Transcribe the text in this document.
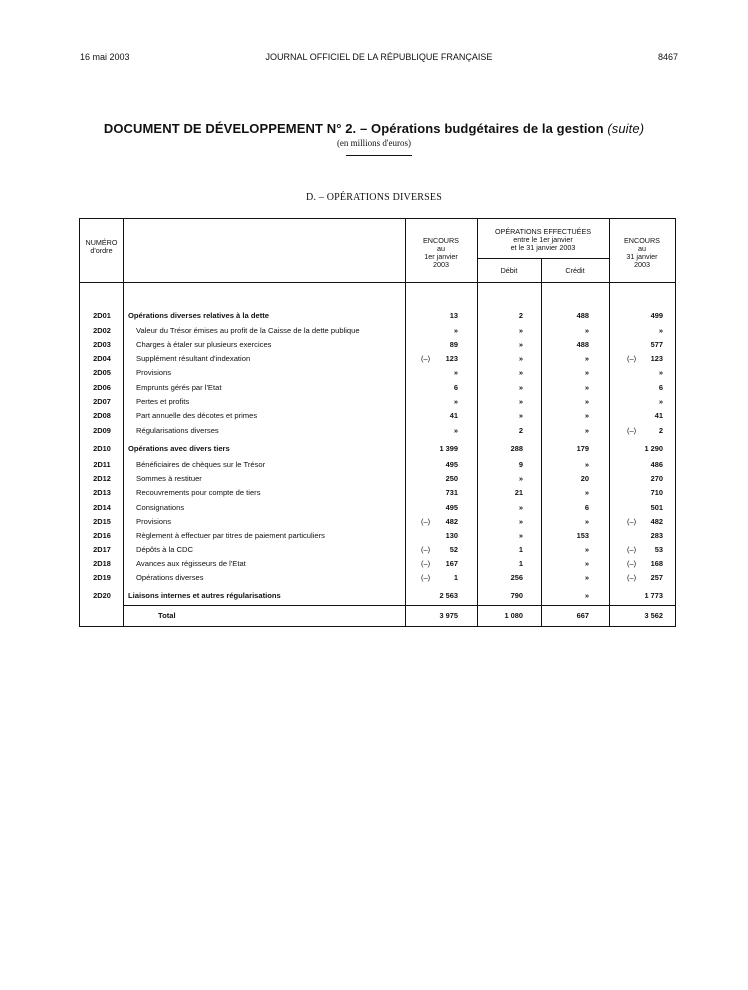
16 mai 2003	JOURNAL OFFICIEL DE LA RÉPUBLIQUE FRANÇAISE	8467
DOCUMENT DE DÉVELOPPEMENT N° 2. – Opérations budgétaires de la gestion (suite)
(en millions d'euros)
D. – OPÉRATIONS DIVERSES
NUMÉRO
d'ordre
ENCOURS
au
1er janvier
2003
OPÉRATIONS EFFECTUÉES
entre le 1er janvier
et le 31 janvier 2003
Débit	Crédit
ENCOURS
au
31 janvier
2003
2D01	Opérations diverses relatives à la dette	13	2	488	499
2D02	Valeur du Trésor émises au profit de la Caisse de la dette publique	»	»	»	»
2D03	Charges à étaler sur plusieurs exercices	89	»	488	577
2D04	Supplément résultant d'indexation	(–)	123	»	»	(–)	123
2D05	Provisions	»	»	»	»
2D06	Emprunts gérés par l'Etat	6	»	»	6
2D07	Pertes et profits	»	»	»	»
2D08	Part annuelle des décotes et primes	41	»	»	41
2D09	Régularisations diverses	»	2	»	(–)	2
2D10	Opérations avec divers tiers	1 399	288	179	1 290
2D11	Bénéficiaires de chèques sur le Trésor	495	9	»	486
2D12	Sommes à restituer	250	»	20	270
2D13	Recouvrements pour compte de tiers	731	21	»	710
2D14	Consignations	495	»	6	501
2D15	Provisions	(–)	482	»	»	(–)	482
2D16	Règlement à effectuer par titres de paiement particuliers	130	»	153	283
2D17	Dépôts à la CDC	(–)	52	1	»	(–)	53
2D18	Avances aux régisseurs de l'Etat	(–)	167	1	»	(–)	168
2D19	Opérations diverses	(–)	1	256	»	(–)	257
2D20	Liaisons internes et autres régularisations	2 563	790	»	1 773
Total	3 975	1 080	667	3 562
